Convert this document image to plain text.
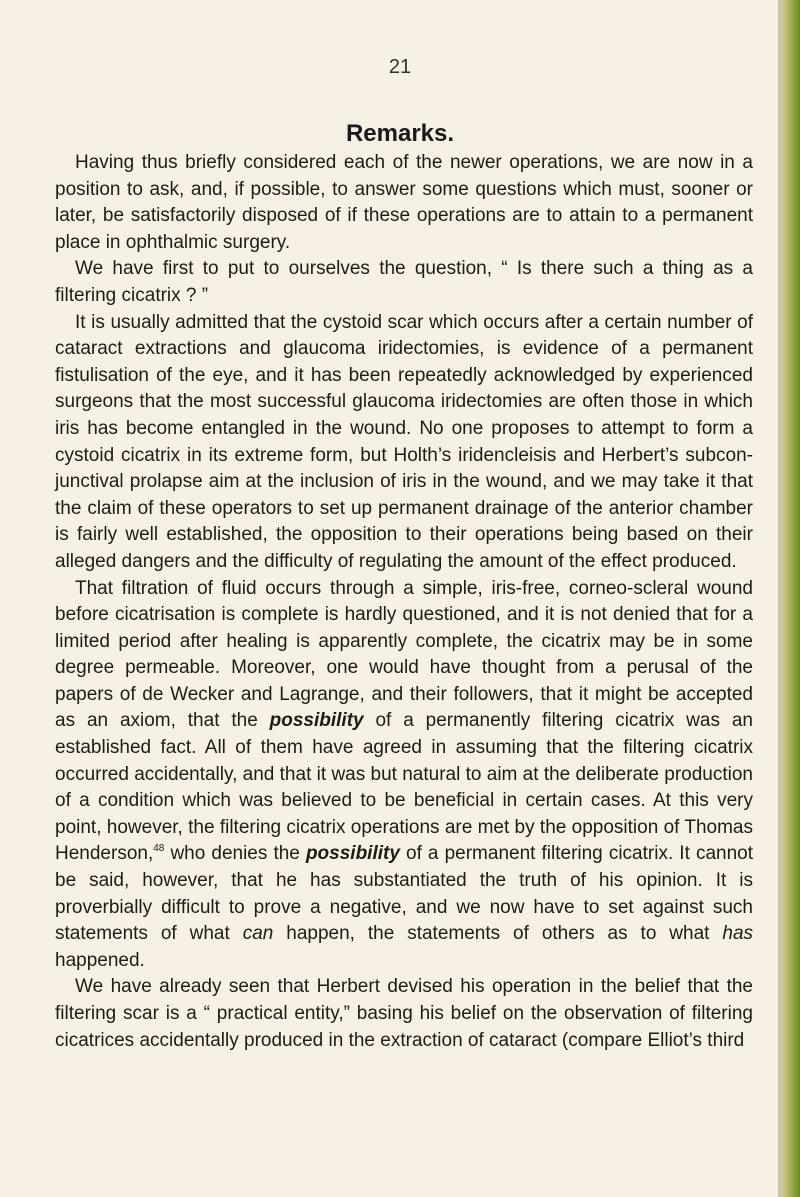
21
Remarks.

Having thus briefly considered each of the newer operations, we are now in a position to ask, and, if possible, to answer some questions which must, sooner or later, be satisfactorily disposed of if these operations are to attain to a permanent place in ophthalmic surgery.

We have first to put to ourselves the question, “ Is there such a thing as a filtering cicatrix ? ”

It is usually admitted that the cystoid scar which occurs after a certain number of cataract extractions and glaucoma iridectomies, is evidence of a permanent fistulisation of the eye, and it has been repeatedly acknowledged by experienced surgeons that the most successful glaucoma iridectomies are often those in which iris has become entangled in the wound. No one proposes to attempt to form a cystoid cicatrix in its extreme form, but Holth’s iridencleisis and Herbert’s subcon- junctival prolapse aim at the inclusion of iris in the wound, and we may take it that the claim of these operators to set up permanent drainage of the anterior chamber is fairly well established, the opposition to their operations being based on their alleged dangers and the difficulty of regulating the amount of the effect produced.

That filtration of fluid occurs through a simple, iris-free, corneo-scleral wound before cicatrisation is complete is hardly questioned, and it is not denied that for a limited period after healing is apparently complete, the cicatrix may be in some degree permeable. Moreover, one would have thought from a perusal of the papers of de Wecker and Lagrange, and their followers, that it might be accepted as an axiom, that the possibility of a permanently filtering cicatrix was an established fact. All of them have agreed in assuming that the filtering cicatrix occurred accidentally, and that it was but natural to aim at the deliberate production of a condition which was believed to be beneficial in certain cases. At this very point, however, the filtering cicatrix operations are met by the opposition of Thomas Henderson,$^{48}$ who denies the possibility of a permanent filtering cicatrix. It cannot be said, however, that he has substantiated the truth of his opinion. It is proverbially difficult to prove a negative, and we now have to set against such statements of what can happen, the statements of others as to what has happened.

We have already seen that Herbert devised his operation in the belief that the filtering scar is a “ practical entity,” basing his belief on the observation of filtering cicatrices accidentally produced in the extraction of cataract (compare Elliot’s third
